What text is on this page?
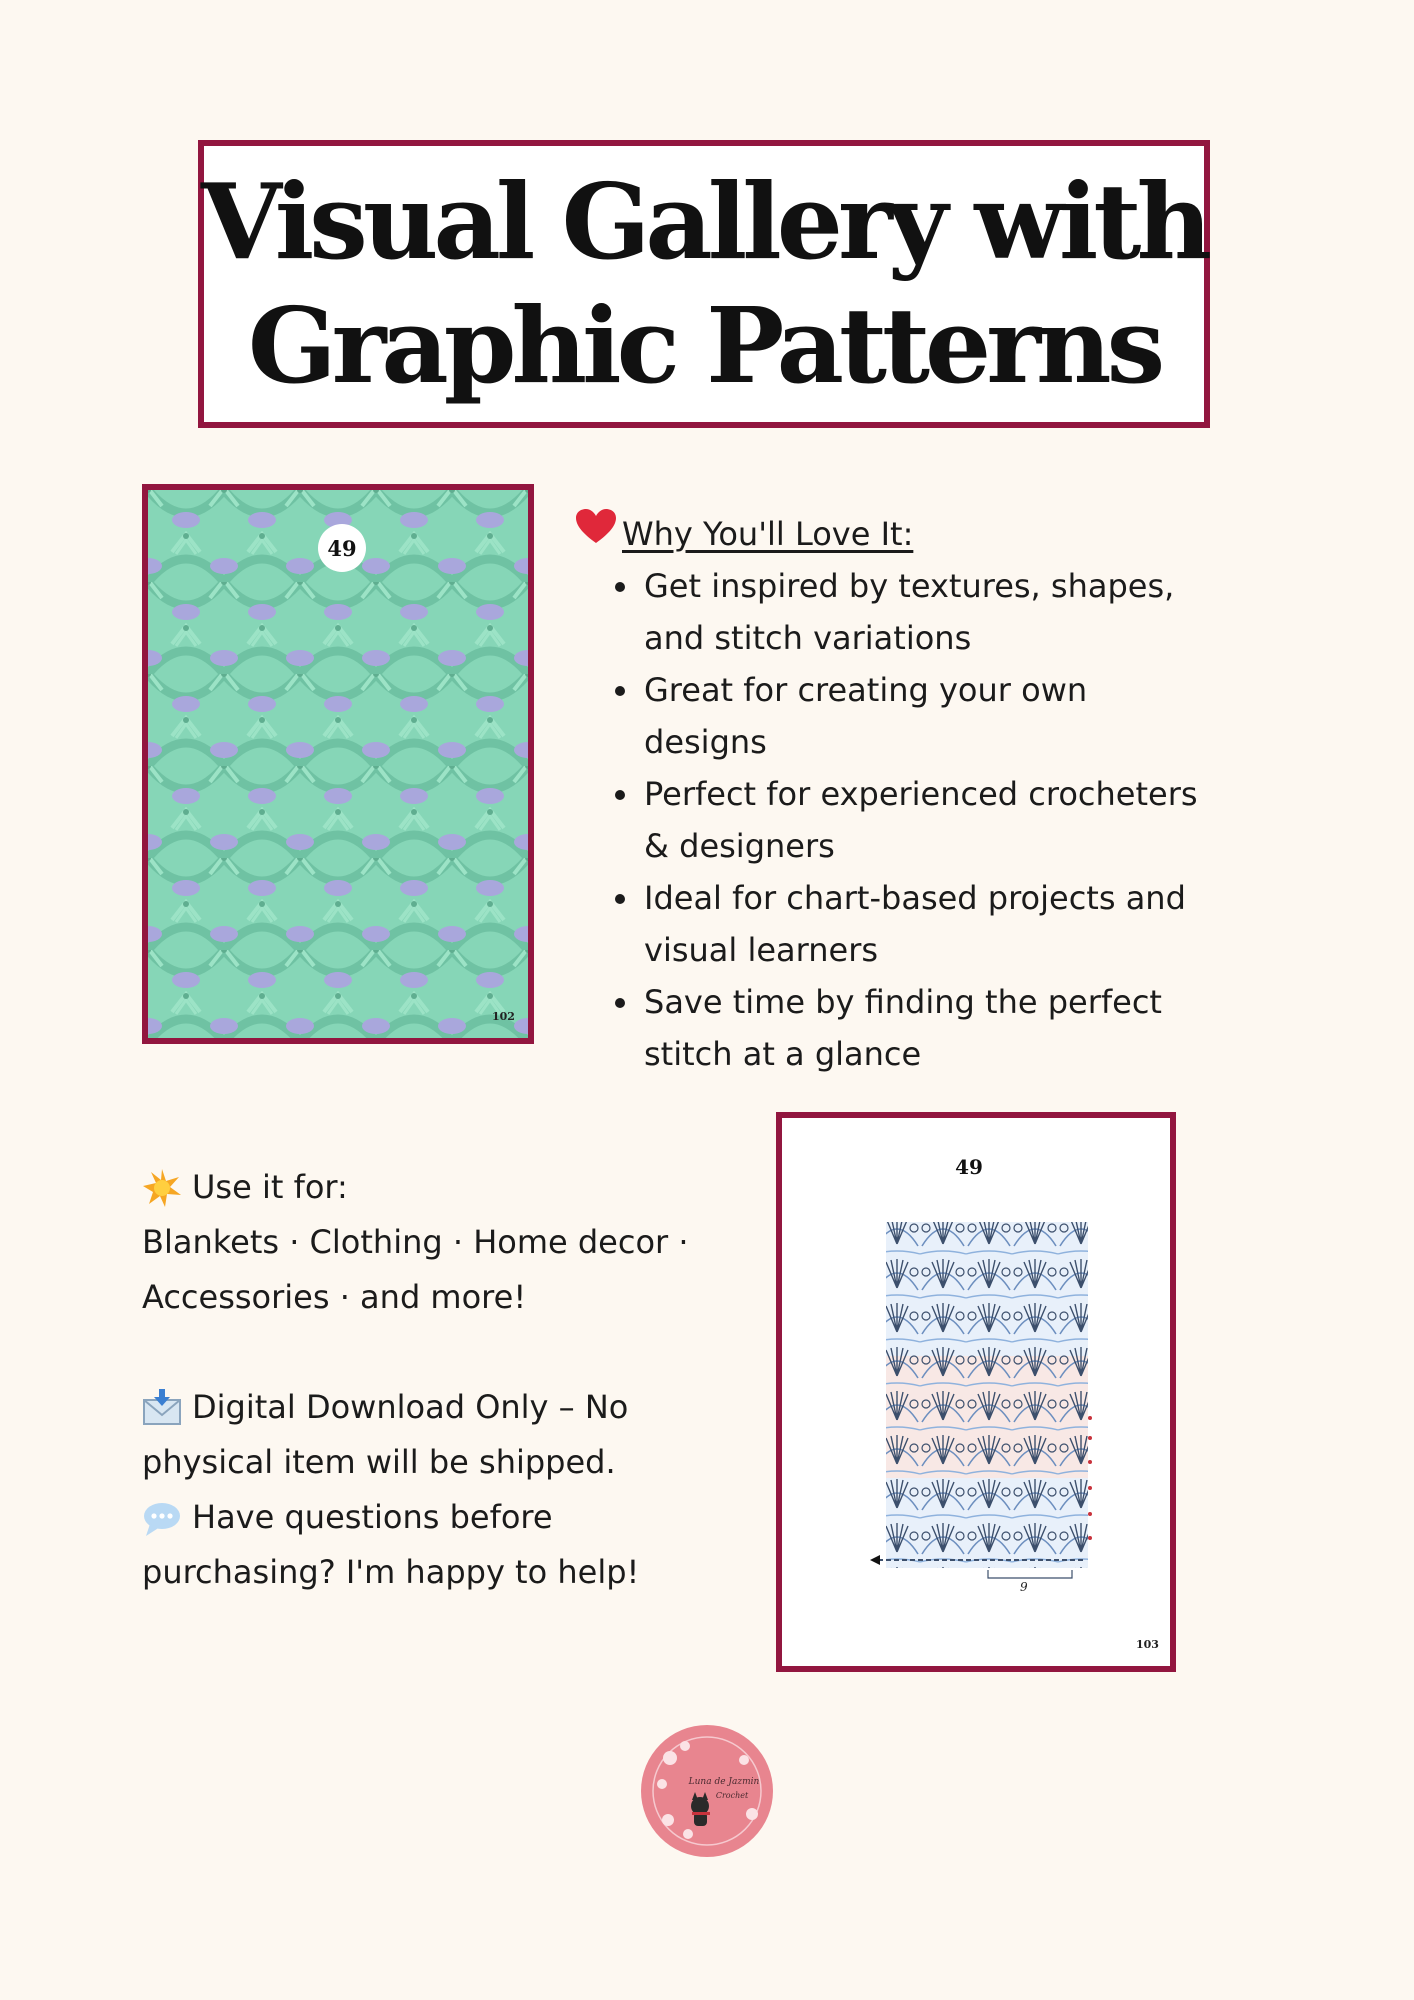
Visual Gallery with
Graphic Patterns
49
102
Why You'll Love It:
• Get inspired by textures, shapes, and stitch variations
• Great for creating your own designs
• Perfect for experienced crocheters & designers
• Ideal for chart-based projects and visual learners
• Save time by finding the perfect stitch at a glance
Use it for:
Blankets · Clothing · Home decor ·
Accessories · and more!
Digital Download Only – No
physical item will be shipped.
Have questions before
purchasing? I'm happy to help!
49
9
103
Luna de Jazmin
Crochet
